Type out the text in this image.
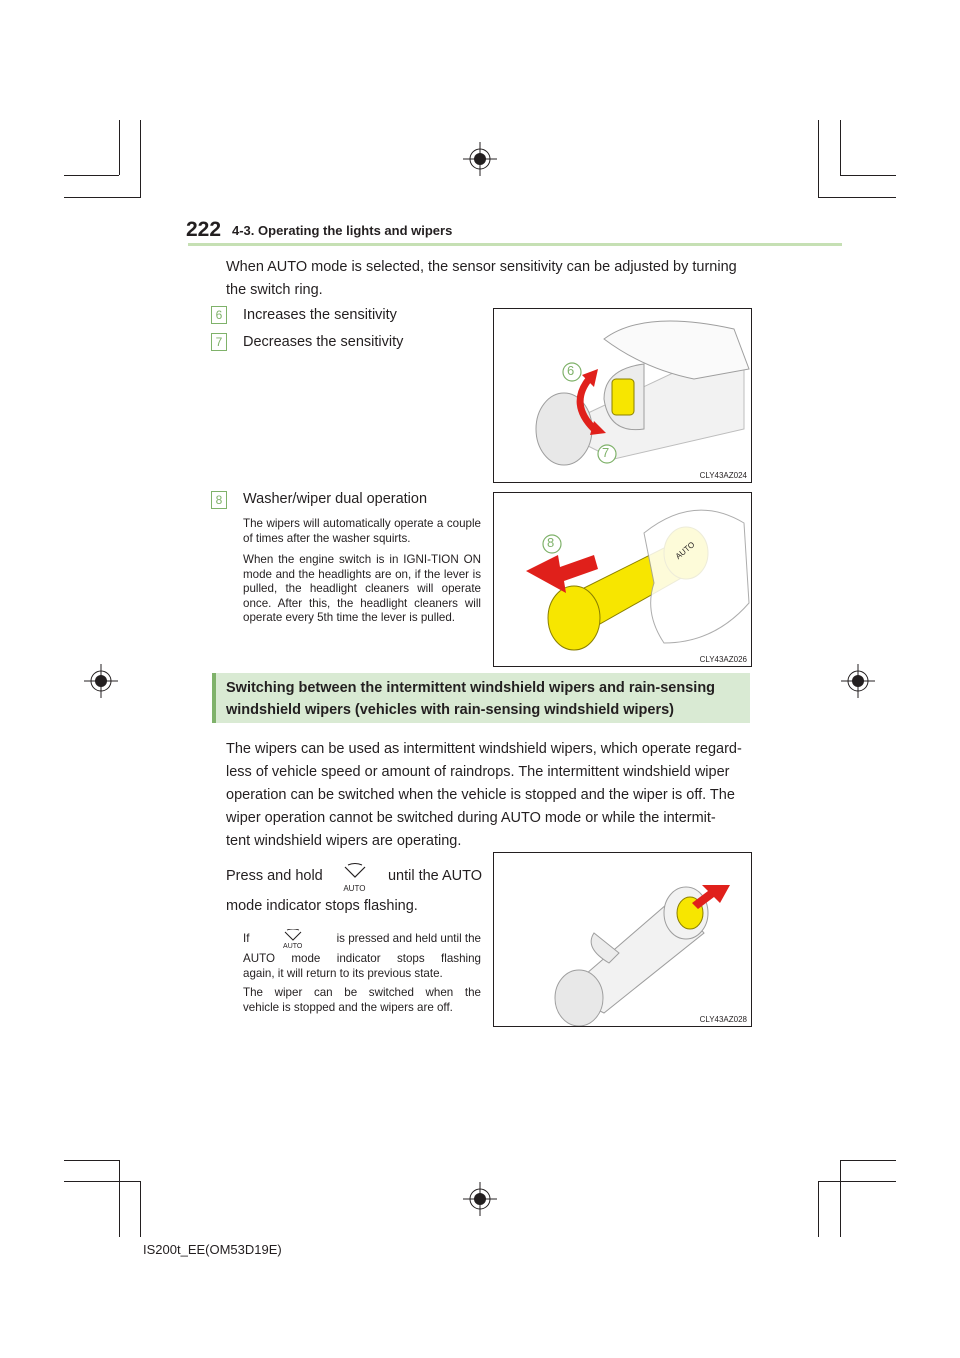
222 4-3. Operating the lights and wipers
When AUTO mode is selected, the sensor sensitivity can be adjusted by turning
the switch ring.
6	Increases the sensitivity
7	Decreases the sensitivity
6
7
CLY43AZ024
8	Washer/wiper dual operation
The wipers will automatically operate a couple of times after the washer squirts.
When the engine switch is in IGNI-TION ON mode and the headlights are on, if the lever is pulled, the headlight cleaners will operate once. After this, the headlight cleaners will operate every 5th time the lever is pulled.
8	AUTO
CLY43AZ026
Switching between the intermittent windshield wipers and rain-sensing
windshield wipers (vehicles with rain-sensing windshield wipers)
The wipers can be used as intermittent windshield wipers, which operate regard-
less of vehicle speed or amount of raindrops. The intermittent windshield wiper
operation can be switched when the vehicle is stopped and the wiper is off. The
wiper operation cannot be switched during AUTO mode or while the intermit-
tent windshield wipers are operating.
Press and hold
AUTO
until the AUTO
mode indicator stops flashing.
If
AUTO
is pressed and held until the
AUTO mode indicator stops flashing
again, it will return to its previous state.
The wiper can be switched when the
vehicle is stopped and the wipers are off.
CLY43AZ028
IS200t_EE(OM53D19E)
